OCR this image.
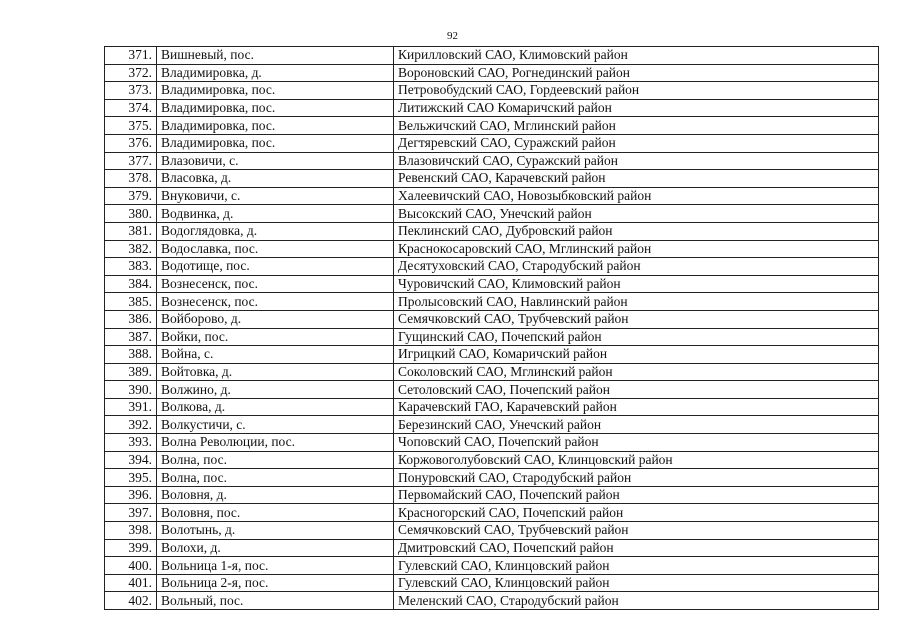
92
371.	Вишневый, пос.	Кирилловский САО, Климовский район
372.	Владимировка, д.	Вороновский САО, Рогнединский район
373.	Владимировка, пос.	Петровобудский САО, Гордеевский район
374.	Владимировка, пос.	Литижский САО Комаричский район
375.	Владимировка, пос.	Вельжичский САО, Мглинский район
376.	Владимировка, пос.	Дегтяревский САО, Суражский район
377.	Влазовичи, с.	Влазовичский САО, Суражский район
378.	Власовка, д.	Ревенский САО, Карачевский район
379.	Внуковичи, с.	Халеевичский САО, Новозыбковский район
380.	Водвинка, д.	Высокский САО, Унечский район
381.	Водоглядовка, д.	Пеклинский САО, Дубровский район
382.	Водославка, пос.	Краснокосаровский САО, Мглинский район
383.	Водотище, пос.	Десятуховский САО, Стародубский район
384.	Вознесенск, пос.	Чуровичский САО, Климовский район
385.	Вознесенск, пос.	Пролысовский САО, Навлинский район
386.	Войборово, д.	Семячковский САО, Трубчевский район
387.	Войки, пос.	Гущинский САО, Почепский район
388.	Война, с.	Игрицкий САО, Комаричский район
389.	Войтовка, д.	Соколовский САО, Мглинский район
390.	Волжино, д.	Сетоловский САО, Почепский район
391.	Волкова, д.	Карачевский ГАО, Карачевский район
392.	Волкустичи, с.	Березинский САО, Унечский район
393.	Волна Революции, пос.	Чоповский САО, Почепский район
394.	Волна, пос.	Коржовоголубовский САО, Клинцовский район
395.	Волна, пос.	Понуровский САО, Стародубский район
396.	Воловня, д.	Первомайский САО, Почепский район
397.	Воловня, пос.	Красногорский САО, Почепский район
398.	Волотынь, д.	Семячковский САО, Трубчевский район
399.	Волохи, д.	Дмитровский САО, Почепский район
400.	Вольница 1-я, пос.	Гулевский САО, Клинцовский район
401.	Вольница 2-я, пос.	Гулевский САО, Клинцовский район
402.	Вольный, пос.	Меленский САО, Стародубский район
